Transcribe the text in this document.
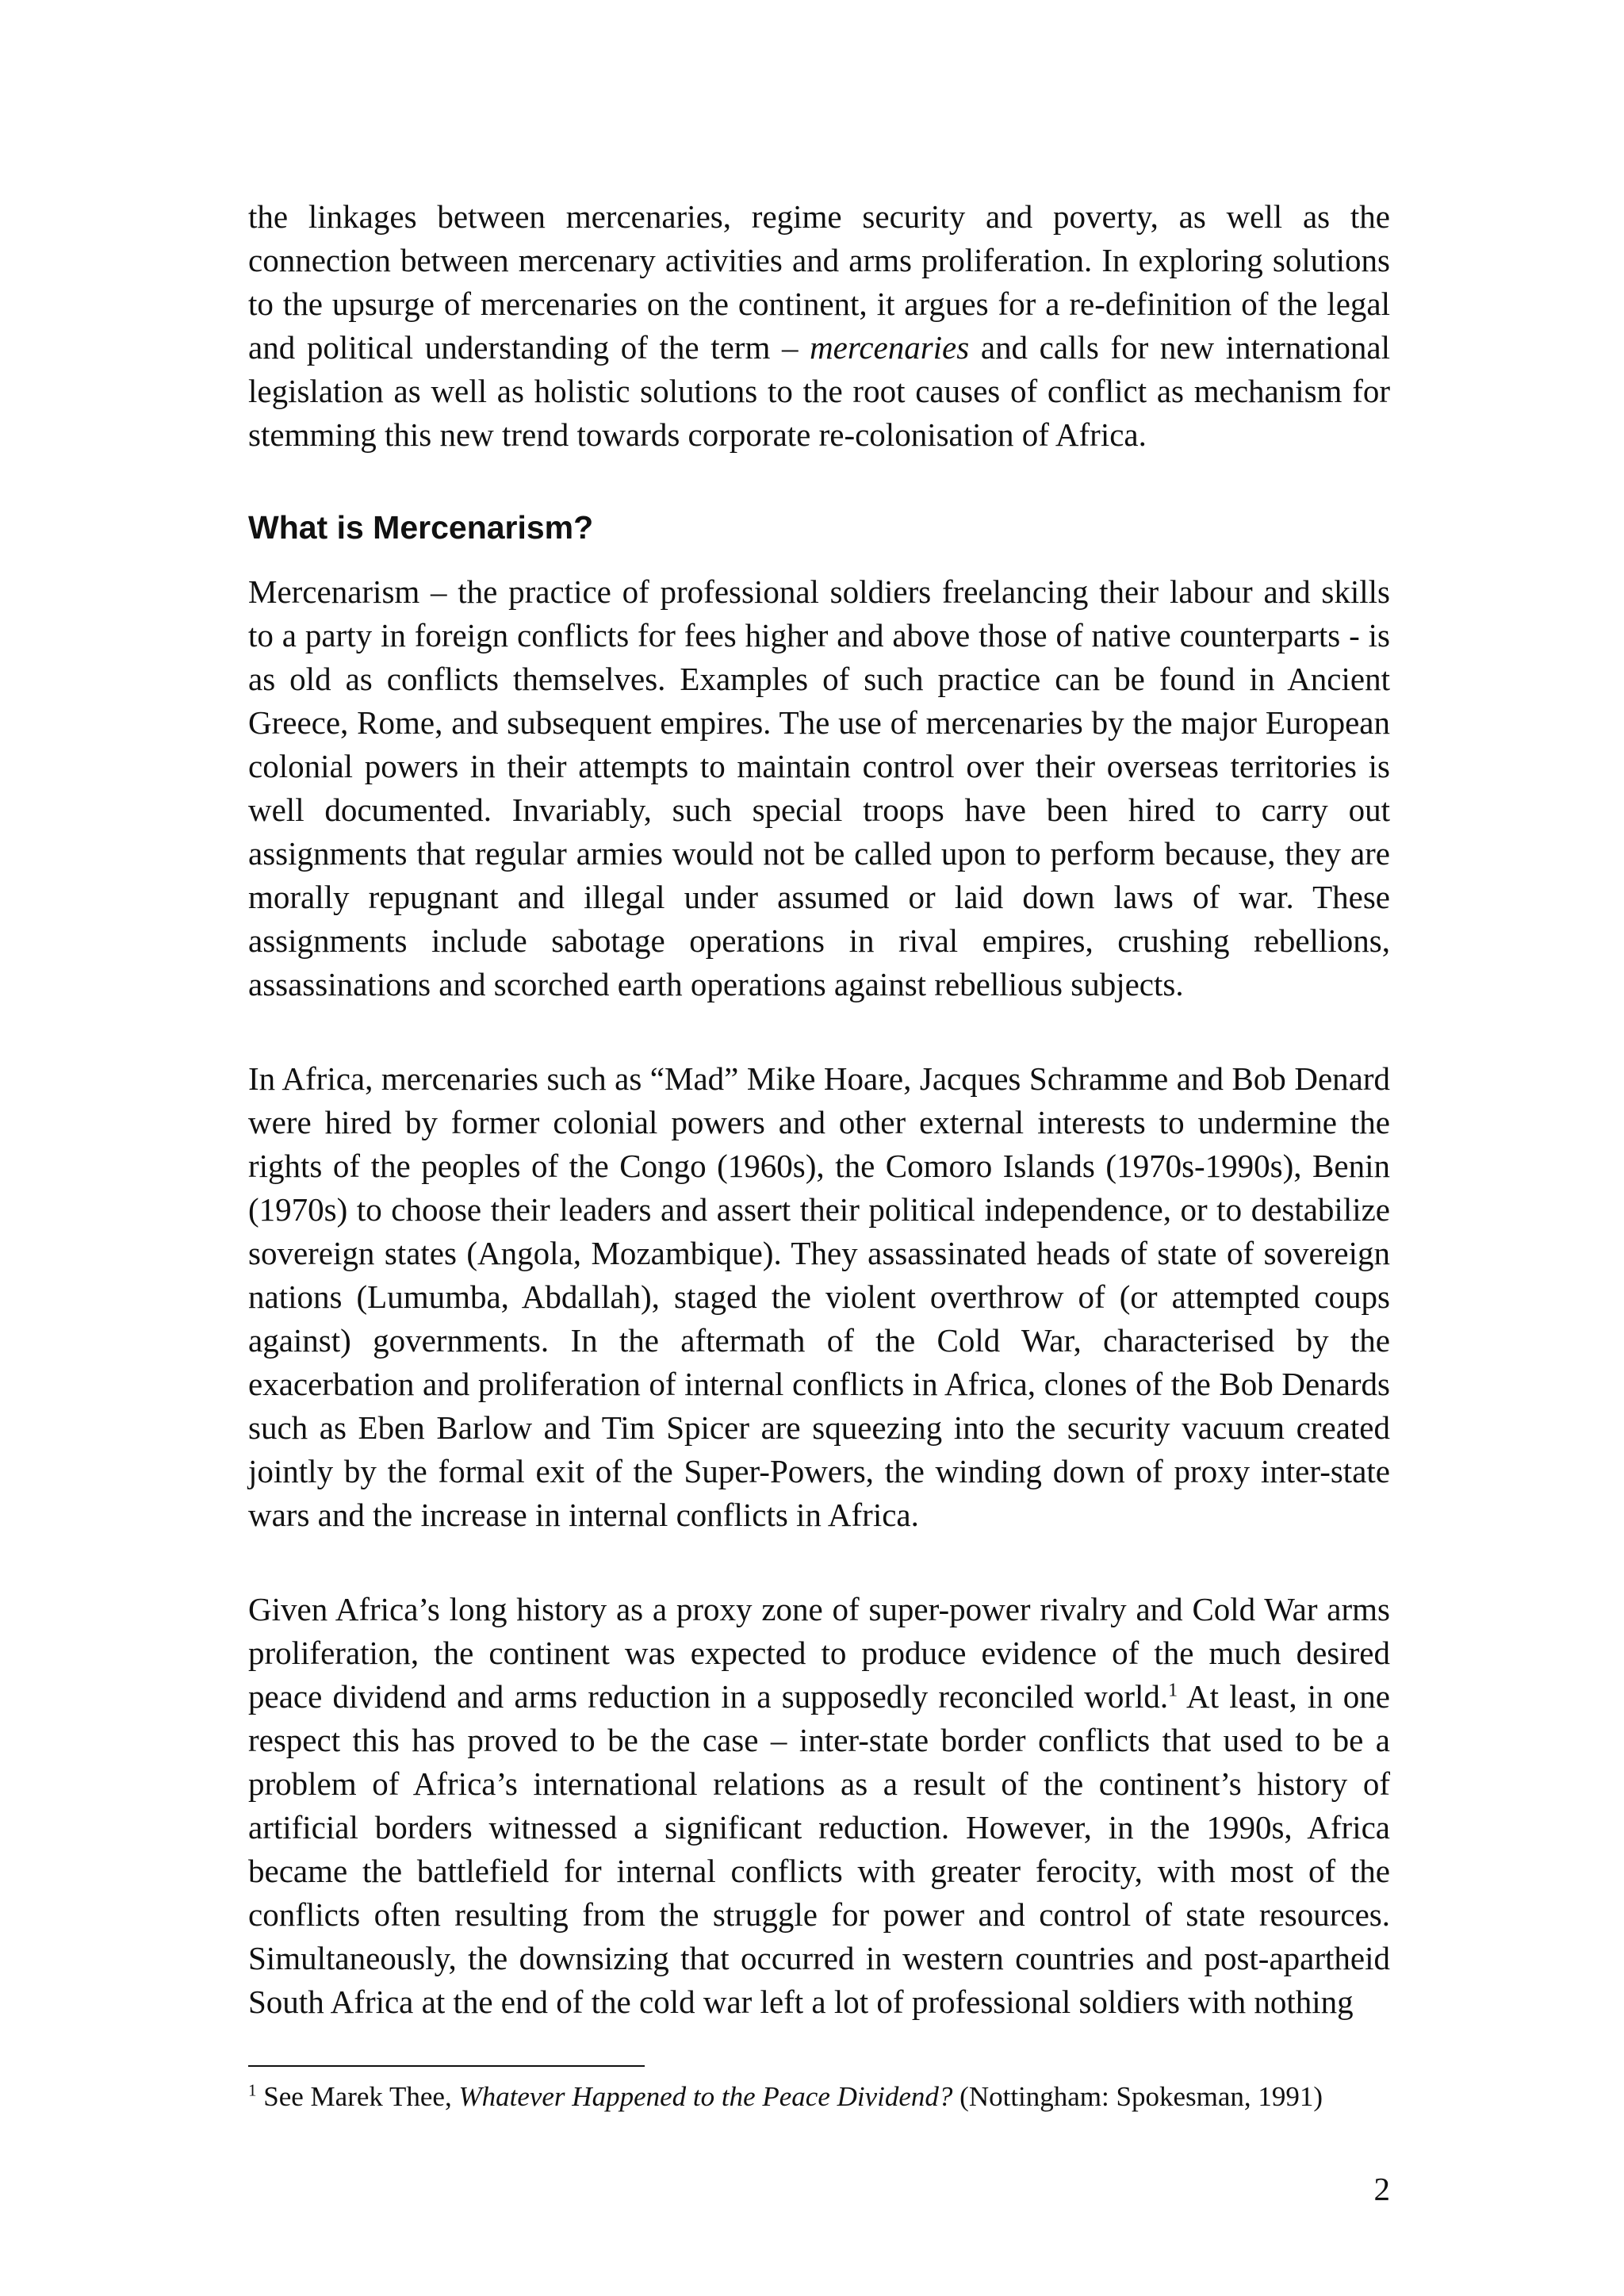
the linkages between mercenaries, regime security and poverty, as well as the connection between mercenary activities and arms proliferation. In exploring solutions to the upsurge of mercenaries on the continent, it argues for a re-definition of the legal and political understanding of the term – mercenaries and calls for new international legislation as well as holistic solutions to the root causes of conflict as mechanism for stemming this new trend towards corporate re-colonisation of Africa.

What is Mercenarism?

Mercenarism – the practice of professional soldiers freelancing their labour and skills to a party in foreign conflicts for fees higher and above those of native counterparts - is as old as conflicts themselves. Examples of such practice can be found in Ancient Greece, Rome, and subsequent empires. The use of mercenaries by the major European colonial powers in their attempts to maintain control over their overseas territories is well documented. Invariably, such special troops have been hired to carry out assignments that regular armies would not be called upon to perform because, they are morally repugnant and illegal under assumed or laid down laws of war. These assignments include sabotage operations in rival empires, crushing rebellions, assassinations and scorched earth operations against rebellious subjects.

In Africa, mercenaries such as “Mad” Mike Hoare, Jacques Schramme and Bob Denard were hired by former colonial powers and other external interests to undermine the rights of the peoples of the Congo (1960s), the Comoro Islands (1970s-1990s), Benin (1970s) to choose their leaders and assert their political independence, or to destabilize sovereign states (Angola, Mozambique). They assassinated heads of state of sovereign nations (Lumumba, Abdallah), staged the violent overthrow of (or attempted coups against) governments. In the aftermath of the Cold War, characterised by the exacerbation and proliferation of internal conflicts in Africa, clones of the Bob Denards such as Eben Barlow and Tim Spicer are squeezing into the security vacuum created jointly by the formal exit of the Super-Powers, the winding down of proxy inter-state wars and the increase in internal conflicts in Africa.

Given Africa’s long history as a proxy zone of super-power rivalry and Cold War arms proliferation, the continent was expected to produce evidence of the much desired peace dividend and arms reduction in a supposedly reconciled world.$^1$ At least, in one respect this has proved to be the case – inter-state border conflicts that used to be a problem of Africa’s international relations as a result of the continent’s history of artificial borders witnessed a significant reduction. However, in the 1990s, Africa became the battlefield for internal conflicts with greater ferocity, with most of the conflicts often resulting from the struggle for power and control of state resources. Simultaneously, the downsizing that occurred in western countries and post-apartheid South Africa at the end of the cold war left a lot of professional soldiers with nothing

$^1$ See Marek Thee, Whatever Happened to the Peace Dividend? (Nottingham: Spokesman, 1991)

2
